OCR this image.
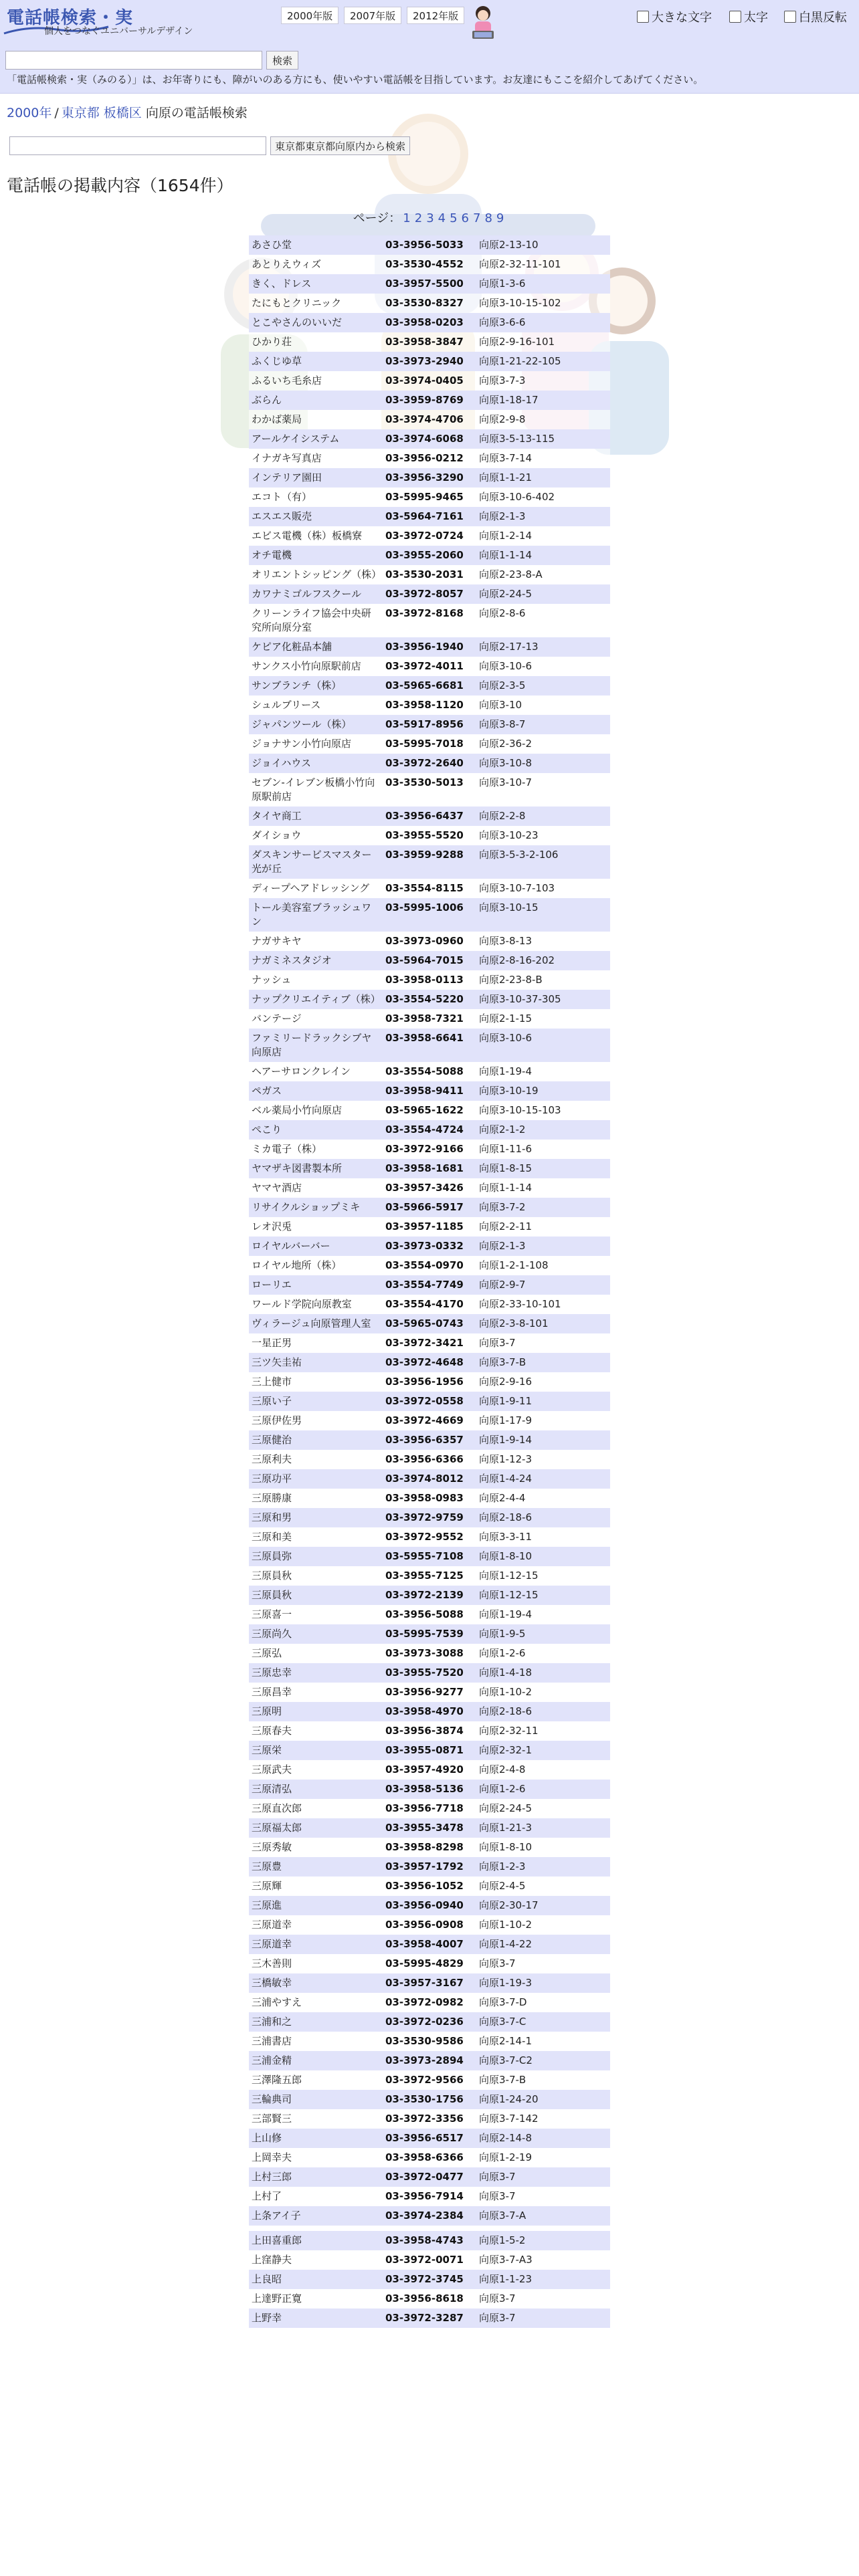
電話帳検索・実
個人をつなぐユニバーサルデザイン
2000年版	2007年版	2012年版	大きな文字	太字	白黒反転
検索
「電話帳検索・実（みのる）」は、お年寄りにも、障がいのある方にも、使いやすい電話帳を目指しています。お友達にもここを紹介してあげてください。
2000年 / 東京都 板橋区 向原の電話帳検索
東京都東京都向原内から検索
電話帳の掲載内容（1654件）
ページ： 1 2 3 4 5 6 7 8 9
あさひ堂	03-3956-5033	向原2-13-10
あとりえウィズ	03-3530-4552	向原2-32-11-101
きく、ドレス	03-3957-5500	向原1-3-6
たにもとクリニック	03-3530-8327	向原3-10-15-102
とこやさんのいいだ	03-3958-0203	向原3-6-6
ひかり荘	03-3958-3847	向原2-9-16-101
ふくじゆ草	03-3973-2940	向原1-21-22-105
ふるいち毛糸店	03-3974-0405	向原3-7-3
ぶらん	03-3959-8769	向原1-18-17
わかば薬局	03-3974-4706	向原2-9-8
アールケイシステム	03-3974-6068	向原3-5-13-115
イナガキ写真店	03-3956-0212	向原3-7-14
インテリア園田	03-3956-3290	向原1-1-21
エコト（有）	03-5995-9465	向原3-10-6-402
エスエス販売	03-5964-7161	向原2-1-3
エビス電機（株）板橋寮	03-3972-0724	向原1-2-14
オチ電機	03-3955-2060	向原1-1-14
オリエントシッピング（株）	03-3530-2031	向原2-23-8-A
カワナミゴルフスクール	03-3972-8057	向原2-24-5
クリーンライフ協会中央研究所向原分室	03-3972-8168	向原2-8-6
ケピア化粧品本舗	03-3956-1940	向原2-17-13
サンクス小竹向原駅前店	03-3972-4011	向原3-10-6
サンブランチ（株）	03-5965-6681	向原2-3-5
シュルブリース	03-3958-1120	向原3-10
ジャパンツール（株）	03-5917-8956	向原3-8-7
ジョナサン小竹向原店	03-5995-7018	向原2-36-2
ジョイハウス	03-3972-2640	向原3-10-8
セブン‐イレブン板橋小竹向原駅前店	03-3530-5013	向原3-10-7
タイヤ商工	03-3956-6437	向原2-2-8
ダイショウ	03-3955-5520	向原3-10-23
ダスキンサービスマスター光が丘	03-3959-9288	向原3-5-3-2-106
ディープヘアドレッシング	03-3554-8115	向原3-10-7-103
トール美容室ブラッシュワン	03-5995-1006	向原3-10-15
ナガサキヤ	03-3973-0960	向原3-8-13
ナガミネスタジオ	03-5964-7015	向原2-8-16-202
ナッシュ	03-3958-0113	向原2-23-8-B
ナップクリエイティブ（株）	03-3554-5220	向原3-10-37-305
バンテージ	03-3958-7321	向原2-1-15
ファミリードラックシブヤ向原店	03-3958-6641	向原3-10-6
ヘアーサロンクレイン	03-3554-5088	向原1-19-4
ペガス	03-3958-9411	向原3-10-19
ベル薬局小竹向原店	03-5965-1622	向原3-10-15-103
ぺこり	03-3554-4724	向原2-1-2
ミカ電子（株）	03-3972-9166	向原1-11-6
ヤマザキ図書製本所	03-3958-1681	向原1-8-15
ヤマヤ酒店	03-3957-3426	向原1-1-14
リサイクルショップミキ	03-5966-5917	向原3-7-2
レオ沢兎	03-3957-1185	向原2-2-11
ロイヤルバーバー	03-3973-0332	向原2-1-3
ロイヤル地所（株）	03-3554-0970	向原1-2-1-108
ローリエ	03-3554-7749	向原2-9-7
ワールド学院向原教室	03-3554-4170	向原2-33-10-101
ヴィラージュ向原管理人室	03-5965-0743	向原2-3-8-101
一星正男	03-3972-3421	向原3-7
三ツ矢圭祐	03-3972-4648	向原3-7-B
三上健市	03-3956-1956	向原2-9-16
三原い子	03-3972-0558	向原1-9-11
三原伊佐男	03-3972-4669	向原1-17-9
三原健治	03-3956-6357	向原1-9-14
三原利夫	03-3956-6366	向原1-12-3
三原功平	03-3974-8012	向原1-4-24
三原勝康	03-3958-0983	向原2-4-4
三原和男	03-3972-9759	向原2-18-6
三原和美	03-3972-9552	向原3-3-11
三原員弥	03-5955-7108	向原1-8-10
三原員秋	03-3955-7125	向原1-12-15
三原員秋	03-3972-2139	向原1-12-15
三原喜一	03-3956-5088	向原1-19-4
三原尚久	03-5995-7539	向原1-9-5
三原弘	03-3973-3088	向原1-2-6
三原忠幸	03-3955-7520	向原1-4-18
三原昌幸	03-3956-9277	向原1-10-2
三原明	03-3958-4970	向原2-18-6
三原春夫	03-3956-3874	向原2-32-11
三原栄	03-3955-0871	向原2-32-1
三原武夫	03-3957-4920	向原2-4-8
三原清弘	03-3958-5136	向原1-2-6
三原直次郎	03-3956-7718	向原2-24-5
三原福太郎	03-3955-3478	向原1-21-3
三原秀敏	03-3958-8298	向原1-8-10
三原豊	03-3957-1792	向原1-2-3
三原輝	03-3956-1052	向原2-4-5
三原進	03-3956-0940	向原2-30-17
三原道幸	03-3956-0908	向原1-10-2
三原道幸	03-3958-4007	向原1-4-22
三木善則	03-5995-4829	向原3-7
三橋敏幸	03-3957-3167	向原1-19-3
三浦やすえ	03-3972-0982	向原3-7-D
三浦和之	03-3972-0236	向原3-7-C
三浦書店	03-3530-9586	向原2-14-1
三浦金精	03-3973-2894	向原3-7-C2
三澤隆五郎	03-3972-9566	向原3-7-B
三輪典司	03-3530-1756	向原1-24-20
三部賢三	03-3972-3356	向原3-7-142
上山修	03-3956-6517	向原2-14-8
上岡幸夫	03-3958-6366	向原1-2-19
上村三郎	03-3972-0477	向原3-7
上村了	03-3956-7914	向原3-7
上条アイ子	03-3974-2384	向原3-7-A

上田喜重郎	03-3958-4743	向原1-5-2
上窪静夫	03-3972-0071	向原3-7-A3
上良昭	03-3972-3745	向原1-1-23
上達野正寛	03-3956-8618	向原3-7
上野幸	03-3972-3287	向原3-7
